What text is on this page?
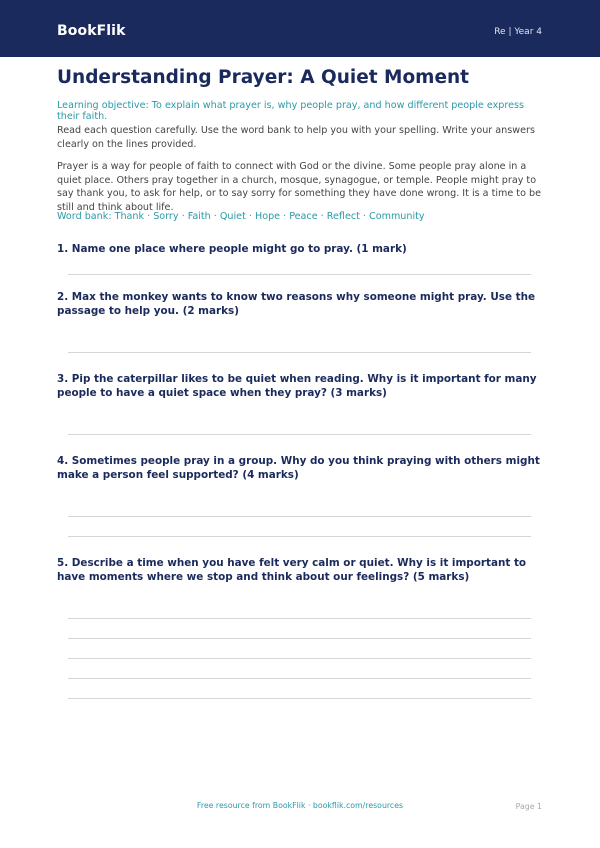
BookFlik	Re | Year 4
Understanding Prayer: A Quiet Moment

Learning objective: To explain what prayer is, why people pray, and how different people express their faith.

Read each question carefully. Use the word bank to help you with your spelling. Write your answers clearly on the lines provided.

Prayer is a way for people of faith to connect with God or the divine. Some people pray alone in a quiet place. Others pray together in a church, mosque, synagogue, or temple. People might pray to say thank you, to ask for help, or to say sorry for something they have done wrong. It is a time to be still and think about life.

Word bank: Thank · Sorry · Faith · Quiet · Hope · Peace · Reflect · Community

1. Name one place where people might go to pray. (1 mark)

2. Max the monkey wants to know two reasons why someone might pray. Use the passage to help you. (2 marks)

3. Pip the caterpillar likes to be quiet when reading. Why is it important for many people to have a quiet space when they pray? (3 marks)

4. Sometimes people pray in a group. Why do you think praying with others might make a person feel supported? (4 marks)

5. Describe a time when you have felt very calm or quiet. Why is it important to have moments where we stop and think about our feelings? (5 marks)

Free resource from BookFlik · bookflik.com/resources	Page 1
